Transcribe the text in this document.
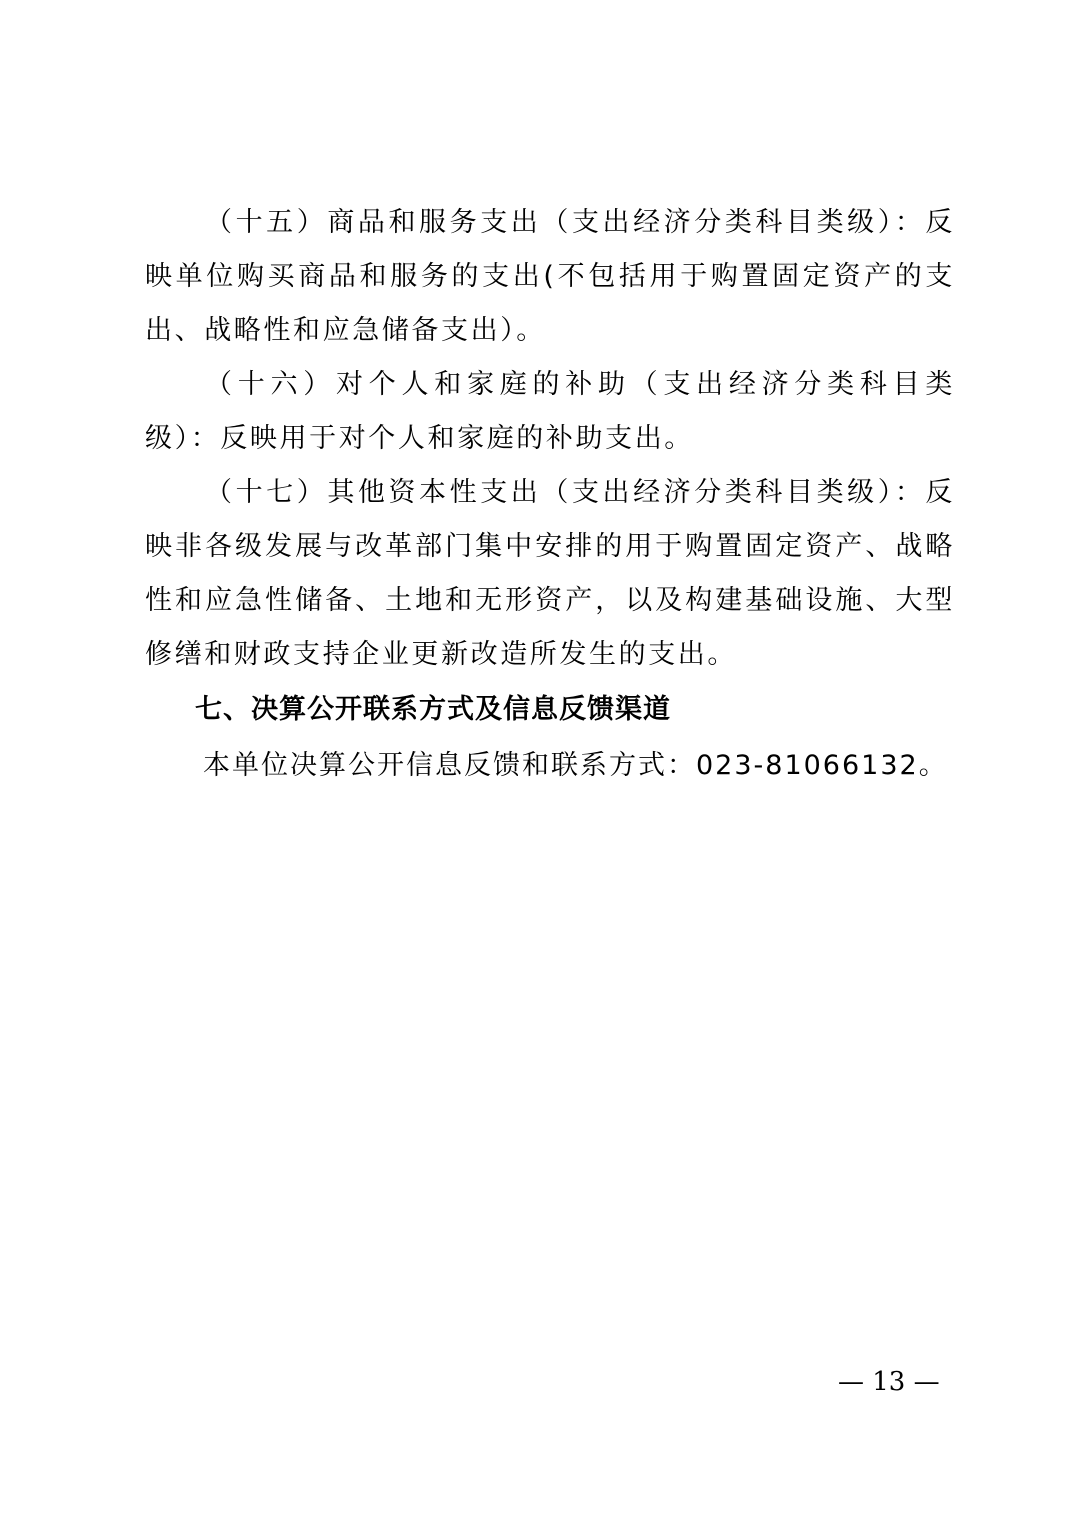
（十五）商品和服务支出（支出经济分类科目类级）：反映单位购买商品和服务的支出(不包括用于购置固定资产的支出、战略性和应急储备支出）。

（十六）对个人和家庭的补助（支出经济分类科目类级）：反映用于对个人和家庭的补助支出。

（十七）其他资本性支出（支出经济分类科目类级）：反映非各级发展与改革部门集中安排的用于购置固定资产、战略性和应急性储备、土地和无形资产，以及构建基础设施、大型修缮和财政支持企业更新改造所发生的支出。

七、决算公开联系方式及信息反馈渠道

本单位决算公开信息反馈和联系方式：023-81066132。

— 13 —
